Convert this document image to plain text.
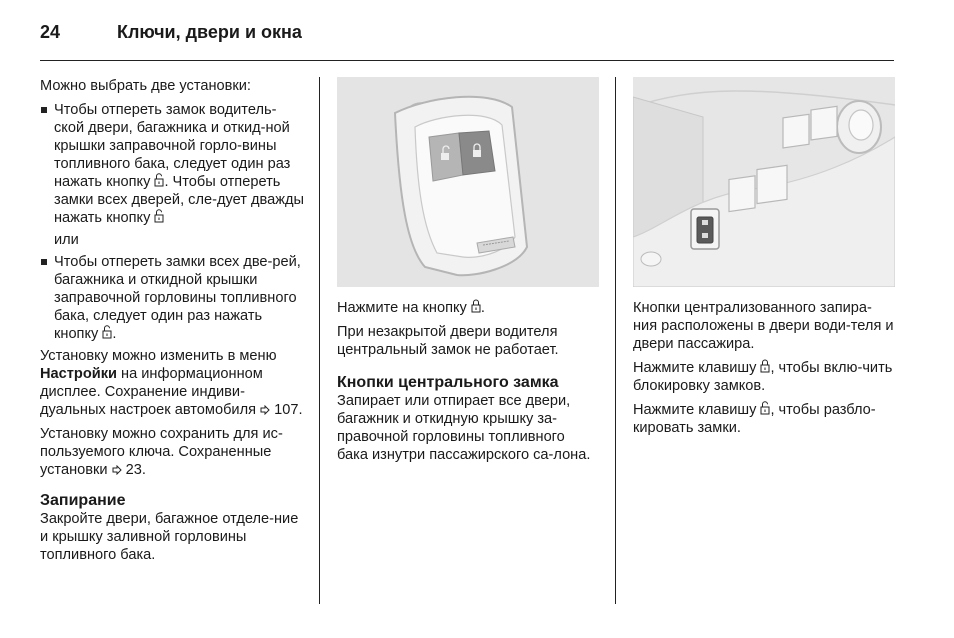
24	Ключи, двери и окна

Можно выбрать две установки:

Чтобы отпереть замок водитель-ской двери, багажника и откид-ной крышки заправочной горло-вины топливного бака, следует один раз нажать кнопку . Чтобы отпереть замки всех дверей, сле-дует дважды нажать кнопку

или

Чтобы отпереть замки всех две-рей, багажника и откидной крышки заправочной горловины топливного бака, следует один раз нажать кнопку .

Установку можно изменить в меню Настройки на информационном дисплее. Сохранение индиви-дуальных настроек автомобиля 107.

Установку можно сохранить для ис-пользуемого ключа. Сохраненные установки 23.

Запирание

Закройте двери, багажное отделе-ние и крышку заливной горловины топливного бака.

Нажмите на кнопку .

При незакрытой двери водителя центральный замок не работает.

Кнопки центрального замка

Запирает или отпирает все двери, багажник и откидную крышку за-правочной горловины топливного бака изнутри пассажирского са-лона.

Кнопки централизованного запира-ния расположены в двери води-теля и двери пассажира.

Нажмите клавишу , чтобы вклю-чить блокировку замков.

Нажмите клавишу , чтобы разбло-кировать замки.
